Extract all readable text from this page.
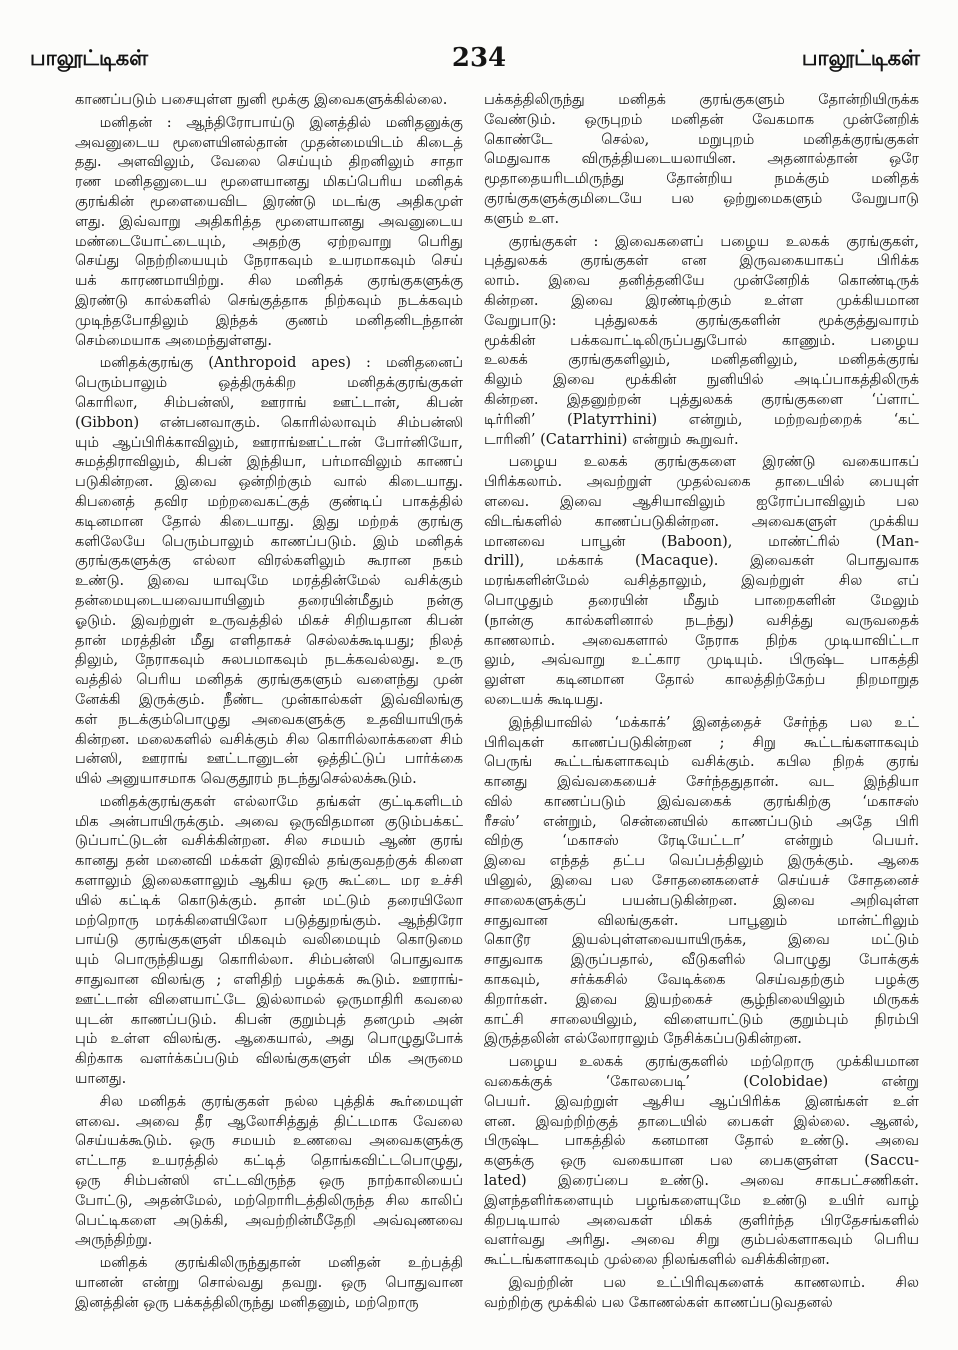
பாலூட்டிகள்	234	பாலூட்டிகள்
காணப்படும் பசையுள்ள நுனி மூக்கு இவைகளுக்கில்லை.
மனிதன் : ஆந்திரோபாய்டு இனத்தில் மனிதனுக்கு
அவனுடைய மூளையினல்தான் முதன்மையிடம் கிடைத்
தது. அளவிலும், வேலை செய்யும் திறனிலும் சாதா
ரண மனிதனுடைய மூளையானது மிகப்பெரிய மனிதக்
குரங்கின் மூளையைவிட இரண்டு மடங்கு அதிகமுள்
ளது. இவ்வாறு அதிகரித்த மூளையானது அவனுடைய
மண்டையோட்டையும், அதற்கு ஏற்றவாறு பெரிது
செய்து நெற்றியையும் நேராகவும் உயரமாகவும் செய்
யக் காரணமாயிற்று. சில மனிதக் குரங்குகளுக்கு
இரண்டு கால்களில் செங்குத்தாக நிற்கவும் நடக்கவும்
முடிந்தபோதிலும் இந்தக் குணம் மனிதனிடந்தான்
செம்மையாக அமைந்துள்ளது.
மனிதக்குரங்கு (Anthropoid apes) : மனிதனைப்
பெரும்பாலும் ஒத்திருக்கிற மனிதக்குரங்குகள்
கொரிலா, சிம்பன்ஸி, ஊராங் ஊட்டான், கிபன்
(Gibbon) என்பனவாகும். கொரில்லாவும் சிம்பன்ஸி
யும் ஆப்பிரிக்காவிலும், ஊராங்ஊட்டான் போர்னியோ,
சுமத்திராவிலும், கிபன் இந்தியா, பர்மாவிலும் காணப்
படுகின்றன. இவை ஒன்றிற்கும் வால் கிடையாது.
கிபனைத் தவிர மற்றவைகட்குத் குண்டிப் பாகத்தில்
கடினமான தோல் கிடையாது. இது மற்றக் குரங்கு
களிலேயே பெரும்பாலும் காணப்படும். இம் மனிதக்
குரங்குகளுக்கு எல்லா விரல்களிலும் கூரான நகம்
உண்டு. இவை யாவுமே மரத்தின்மேல் வசிக்கும்
தன்மையுடையவையாயினும் தரையின்மீதும் நன்கு
ஓடும். இவற்றுள் உருவத்தில் மிகச் சிறியதான கிபன்
தான் மரத்தின் மீது எளிதாகச் செல்லக்கூடியது; நிலத்
திலும், நேராகவும் சுலபமாகவும் நடக்கவல்லது. உரு
வத்தில் பெரிய மனிதக் குரங்குகளும் வளைந்து முன்
னேக்கி இருக்கும். நீண்ட முன்கால்கள் இவ்விலங்கு
கள் நடக்கும்பொழுது அவைகளுக்கு உதவியாயிருக்
கின்றன. மலைகளில் வசிக்கும் சில கொரில்லாக்களை சிம்
பன்ஸி, ஊராங் ஊட்டானுடன் ஒத்திட்டுப் பார்க்கை
யில் அனுயாசமாக வெகுதூரம் நடந்துசெல்லக்கூடும்.
மனிதக்குரங்குகள் எல்லாமே தங்கள் குட்டிகளிடம்
மிக அன்பாயிருக்கும். அவை ஒருவிதமான குடும்பக்கட்
டுப்பாட்டுடன் வசிக்கின்றன. சில சமயம் ஆண் குரங்
கானது தன் மனைவி மக்கள் இரவில் தங்குவதற்குக் கிளை
களாலும் இலைகளாலும் ஆகிய ஒரு கூட்டை மர உச்சி
யில் கட்டிக் கொடுக்கும். தான் மட்டும் தரையிலோ
மற்றொரு மரக்கிளையிலோ படுத்துறங்கும். ஆந்திரோ
பாய்டு குரங்குகளுள் மிகவும் வலிமையும் கொடுமை
யும் பொருந்தியது கொரில்லா. சிம்பன்ஸி பொதுவாக
சாதுவான விலங்கு ; எளிதிற் பழக்கக் கூடும். ஊராங்-
ஊட்டான் விளையாட்டே இல்லாமல் ஒருமாதிரி கவலை
யுடன் காணப்படும். கிபன் குறும்புத் தனமும் அன்
பும் உள்ள விலங்கு. ஆகையால், அது பொழுதுபோக்
கிற்காக வளர்க்கப்படும் விலங்குகளுள் மிக அருமை
யானது.
சில மனிதக் குரங்குகள் நல்ல புத்திக் கூர்மையுள்
ளவை. அவை தீர ஆலோசித்துத் திட்டமாக வேலை
செய்யக்கூடும். ஒரு சமயம் உணவை அவைகளுக்கு
எட்டாத உயரத்தில் கட்டித் தொங்கவிட்டபொழுது,
ஒரு சிம்பன்ஸி எட்டவிருந்த ஒரு நாற்காலியைப்
போட்டு, அதன்மேல், மற்றொரிடத்திலிருந்த சில காலிப்
பெட்டிகளை அடுக்கி, அவற்றின்மீதேறி அவ்வுணவை
அருந்திற்று.
மனிதக் குரங்கிலிருந்துதான் மனிதன் உற்பத்தி
யானன் என்று சொல்வது தவறு. ஒரு பொதுவான
இனத்தின் ஒரு பக்கத்திலிருந்து மனிதனும், மற்றொரு
பக்கத்திலிருந்து மனிதக் குரங்குகளும் தோன்றியிருக்க
வேண்டும். ஒருபுறம் மனிதன் வேகமாக முன்னேறிக்
கொண்டே செல்ல, மறுபுறம் மனிதக்குரங்குகள்
மெதுவாக விருத்தியடையலாயின. அதனால்தான் ஒரே
மூதாதையரிடமிருந்து தோன்றிய நமக்கும் மனிதக்
குரங்குகளுக்குமிடையே பல ஒற்றுமைகளும் வேறுபாடு
களும் உள.
குரங்குகள் : இவைகளைப் பழைய உலகக் குரங்குகள்,
புத்துலகக் குரங்குகள் என இருவகையாகப் பிரிக்க
லாம். இவை தனித்தனியே முன்னேறிக் கொண்டிருக்
கின்றன. இவை இரண்டிற்கும் உள்ள முக்கியமான
வேறுபாடு: புத்துலகக் குரங்குகளின் மூக்குத்துவாரம்
மூக்கின் பக்கவாட்டிலிருப்பதுபோல் காணும். பழைய
உலகக் குரங்குகளிலும், மனிதனிலும், மனிதக்குரங்
கிலும் இவை மூக்கின் நுனியில் அடிப்பாகத்திலிருக்
கின்றன. இதனுற்றன் புத்துலகக் குரங்குகளை ‘ப்ளாட்
டிர்ரினி’ (Platyrrhini) என்றும், மற்றவற்றைக் ‘கட்
டாரினி’ (Catarrhini) என்றும் கூறுவர்.
பழைய உலகக் குரங்குகளை இரண்டு வகையாகப்
பிரிக்கலாம். அவற்றுள் முதல்வகை தாடையில் பையுள்
ளவை. இவை ஆசியாவிலும் ஐரோப்பாவிலும் பல
விடங்களில் காணப்படுகின்றன. அவைகளுள் முக்கிய
மானவை பாபூன் (Baboon), மாண்ட்ரில் (Man-
drill), மக்காக் (Macaque). இவைகள் பொதுவாக
மரங்களின்மேல் வசித்தாலும், இவற்றுள் சில எப்
பொழுதும் தரையின் மீதும் பாறைகளின் மேலும்
(நான்கு கால்களினால் நடந்து) வசித்து வருவதைக்
காணலாம். அவைகளால் நேராக நிற்க முடியாவிட்டா
லும், அவ்வாறு உட்கார முடியும். பிருஷ்ட பாகத்தி
லுள்ள கடினமான தோல் காலத்திற்கேற்ப நிறமாறுத
லடையக் கூடியது.
இந்தியாவில் ‘மக்காக்’ இனத்தைச் சேர்ந்த பல உட்
பிரிவுகள் காணப்படுகின்றன ; சிறு கூட்டங்களாகவும்
பெருங் கூட்டங்களாகவும் வசிக்கும். கபில நிறக் குரங்
கானது இவ்வகையைச் சேர்ந்ததுதான். வட இந்தியா
வில் காணப்படும் இவ்வகைக் குரங்கிற்கு ‘மகாசஸ்
ரீசஸ்’ என்றும், சென்னையில் காணப்படும் அதே பிரி
விற்கு ‘மகாசஸ் ரேடியேட்டா’ என்றும் பெயர்.
இவை எந்தத் தட்ப வெப்பத்திலும் இருக்கும். ஆகை
யினுல், இவை பல சோதனைகளைச் செய்யச் சோதனைச்
சாலைகளுக்குப் பயன்படுகின்றன. இவை அறிவுள்ள
சாதுவான விலங்குகள். பாபூனும் மான்ட்ரிலும்
கொடூர இயல்புள்ளவையாயிருக்க, இவை மட்டும்
சாதுவாக இருப்பதால், வீடுகளில் பொழுது போக்குக்
காகவும், சர்க்கசில் வேடிக்கை செய்வதற்கும் பழக்கு
கிறார்கள். இவை இயற்கைச் சூழ்நிலையிலும் மிருகக்
காட்சி சாலையிலும், விளையாட்டும் குறும்பும் நிரம்பி
இருத்தலின் எல்லோராலும் நேசிக்கப்படுகின்றன.
பழைய உலகக் குரங்குகளில் மற்றொரு முக்கியமான
வகைக்குக் ‘கோலபைடி’ (Colobidae) என்று
பெயர். இவற்றுள் ஆசிய ஆப்பிரிக்க இனங்கள் உள்
ளன. இவற்றிற்குத் தாடையில் பைகள் இல்லை. ஆனல்,
பிருஷ்ட பாகத்தில் கனமான தோல் உண்டு. அவை
களுக்கு ஒரு வகையான பல பைகளுள்ள (Saccu-
lated) இரைப்பை உண்டு. அவை சாகபட்சணிகள்.
இளந்தளிர்களையும் பழங்களையுமே உண்டு உயிர் வாழ்
கிறபடியால் அவைகள் மிகக் குளிர்ந்த பிரதேசங்களில்
வளர்வது அரிது. அவை சிறு கும்பல்களாகவும் பெரிய
கூட்டங்களாகவும் முல்லை நிலங்களில் வசிக்கின்றன.
இவற்றின் பல உட்பிரிவுகளைக் காணலாம். சில
வற்றிற்கு மூக்கில் பல கோணல்கள் காணப்படுவதனல்
